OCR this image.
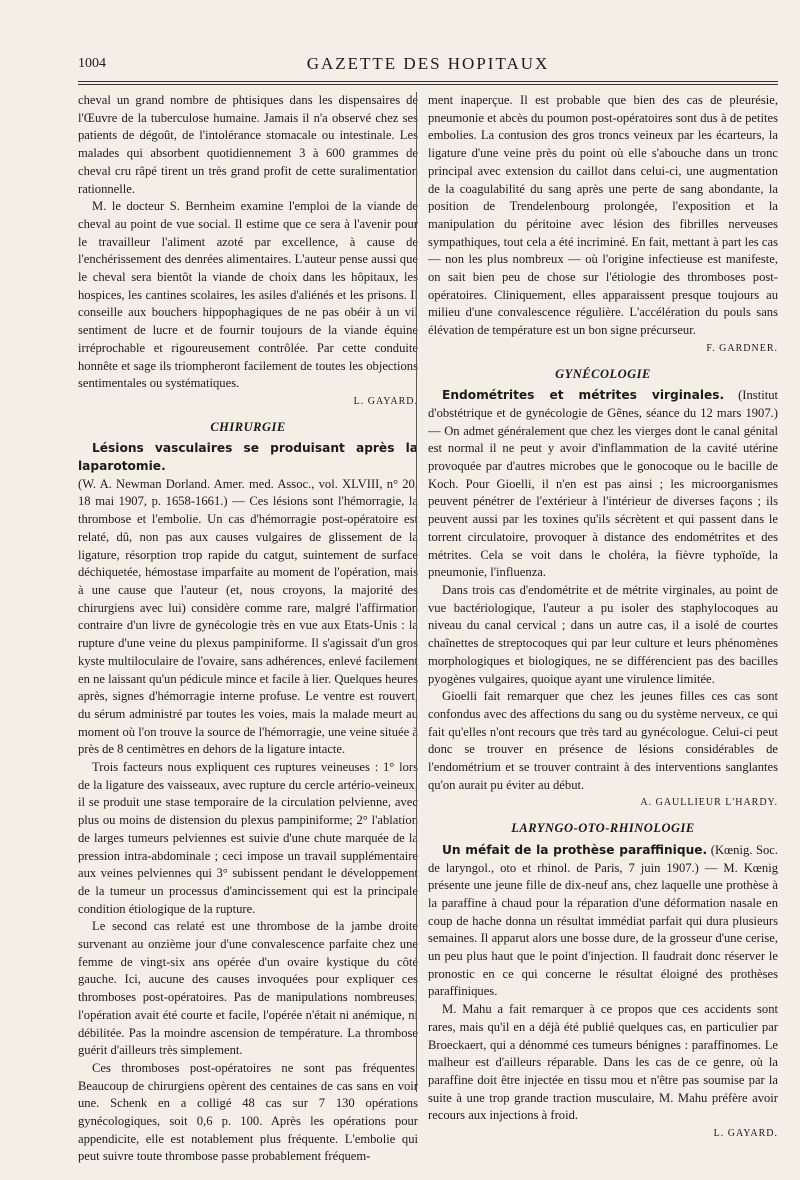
1004	GAZETTE DES HOPITAUX

cheval un grand nombre de phtisiques dans les dispensaires de l'Œuvre de la tuberculose humaine. Jamais il n'a observé chez ses patients de dégoût, de l'intolérance stomacale ou intestinale. Les malades qui absorbent quotidiennement 3 à 600 grammes de cheval cru râpé tirent un très grand profit de cette suralimentation rationnelle.

M. le docteur S. Bernheim examine l'emploi de la viande de cheval au point de vue social. Il estime que ce sera à l'avenir pour le travailleur l'aliment azoté par excellence, à cause de l'enchérissement des denrées alimentaires. L'auteur pense aussi que le cheval sera bientôt la viande de choix dans les hôpitaux, les hospices, les cantines scolaires, les asiles d'aliénés et les prisons. Il conseille aux bouchers hippophagiques de ne pas obéir à un vil sentiment de lucre et de fournir toujours de la viande équine irréprochable et rigoureusement contrôlée. Par cette conduite honnête et sage ils triompheront facilement de toutes les objections sentimentales ou systématiques.

L. GAYARD.
CHIRURGIE

Lésions vasculaires se produisant après la laparotomie.

(W. A. Newman Dorland. Amer. med. Assoc., vol. XLVIII, n° 20, 18 mai 1907, p. 1658-1661.) — Ces lésions sont l'hémorragie, la thrombose et l'embolie. Un cas d'hémorragie post-opératoire est relaté, dû, non pas aux causes vulgaires de glissement de la ligature, résorption trop rapide du catgut, suintement de surface déchiquetée, hémostase imparfaite au moment de l'opération, mais à une cause que l'auteur (et, nous croyons, la majorité des chirurgiens avec lui) considère comme rare, malgré l'affirmation contraire d'un livre de gynécologie très en vue aux Etats-Unis : la rupture d'une veine du plexus pampiniforme. Il s'agissait d'un gros kyste multiloculaire de l'ovaire, sans adhérences, enlevé facilement en ne laissant qu'un pédicule mince et facile à lier. Quelques heures après, signes d'hémorragie interne profuse. Le ventre est rouvert, du sérum administré par toutes les voies, mais la malade meurt au moment où l'on trouve la source de l'hémorragie, une veine située à près de 8 centimètres en dehors de la ligature intacte.

Trois facteurs nous expliquent ces ruptures veineuses : 1° lors de la ligature des vaisseaux, avec rupture du cercle artério-veineux, il se produit une stase temporaire de la circulation pelvienne, avec plus ou moins de distension du plexus pampiniforme; 2° l'ablation de larges tumeurs pelviennes est suivie d'une chute marquée de la pression intra-abdominale ; ceci impose un travail supplémentaire aux veines pelviennes qui 3° subissent pendant le développement de la tumeur un processus d'amincissement qui est la principale condition étiologique de la rupture.

Le second cas relaté est une thrombose de la jambe droite survenant au onzième jour d'une convalescence parfaite chez une femme de vingt-six ans opérée d'un ovaire kystique du côté gauche. Ici, aucune des causes invoquées pour expliquer ces thromboses post-opératoires. Pas de manipulations nombreuses; l'opération avait été courte et facile, l'opérée n'était ni anémique, ni débilitée. Pas la moindre ascension de température. La thrombose guérit d'ailleurs très simplement.

Ces thromboses post-opératoires ne sont pas fréquentes. Beaucoup de chirurgiens opèrent des centaines de cas sans en voir une. Schenk en a colligé 48 cas sur 7 130 opérations gynécologiques, soit 0,6 p. 100. Après les opérations pour appendicite, elle est notablement plus fréquente. L'embolie qui peut suivre toute thrombose passe probablement fréquem-

ment inaperçue. Il est probable que bien des cas de pleurésie, pneumonie et abcès du poumon post-opératoires sont dus à de petites embolies. La contusion des gros troncs veineux par les écarteurs, la ligature d'une veine près du point où elle s'abouche dans un tronc principal avec extension du caillot dans celui-ci, une augmentation de la coagulabilité du sang après une perte de sang abondante, la position de Trendelenbourg prolongée, l'exposition et la manipulation du péritoine avec lésion des fibrilles nerveuses sympathiques, tout cela a été incriminé. En fait, mettant à part les cas — non les plus nombreux — où l'origine infectieuse est manifeste, on sait bien peu de chose sur l'étiologie des thromboses post-opératoires. Cliniquement, elles apparaissent presque toujours au milieu d'une convalescence régulière. L'accélération du pouls sans élévation de température est un bon signe précurseur.

F. GARDNER.
GYNÉCOLOGIE

Endométrites et métrites virginales. (Institut d'obstétrique et de gynécologie de Gênes, séance du 12 mars 1907.) — On admet généralement que chez les vierges dont le canal génital est normal il ne peut y avoir d'inflammation de la cavité utérine provoquée par d'autres microbes que le gonocoque ou le bacille de Koch. Pour Gioelli, il n'en est pas ainsi ; les microorganismes peuvent pénétrer de l'extérieur à l'intérieur de diverses façons ; ils peuvent aussi par les toxines qu'ils sécrètent et qui passent dans le torrent circulatoire, provoquer à distance des endométrites et des métrites. Cela se voit dans le choléra, la fièvre typhoïde, la pneumonie, l'influenza.

Dans trois cas d'endométrite et de métrite virginales, au point de vue bactériologique, l'auteur a pu isoler des staphylocoques au niveau du canal cervical ; dans un autre cas, il a isolé de courtes chaînettes de streptocoques qui par leur culture et leurs phénomènes morphologiques et biologiques, ne se différencient pas des bacilles pyogènes vulgaires, quoique ayant une virulence limitée.

Gioelli fait remarquer que chez les jeunes filles ces cas sont confondus avec des affections du sang ou du système nerveux, ce qui fait qu'elles n'ont recours que très tard au gynécologue. Celui-ci peut donc se trouver en présence de lésions considérables de l'endométrium et se trouver contraint à des interventions sanglantes qu'on aurait pu éviter au début.

A. GAULLIEUR L'HARDY.
LARYNGO-OTO-RHINOLOGIE

Un méfait de la prothèse paraffinique. (Kœnig. Soc. de laryngol., oto et rhinol. de Paris, 7 juin 1907.) — M. Kœnig présente une jeune fille de dix-neuf ans, chez laquelle une prothèse à la paraffine à chaud pour la réparation d'une déformation nasale en coup de hache donna un résultat immédiat parfait qui dura plusieurs semaines. Il apparut alors une bosse dure, de la grosseur d'une cerise, un peu plus haut que le point d'injection. Il faudrait donc réserver le pronostic en ce qui concerne le résultat éloigné des prothèses paraffiniques.

M. Mahu a fait remarquer à ce propos que ces accidents sont rares, mais qu'il en a déjà été publié quelques cas, en particulier par Broeckaert, qui a dénommé ces tumeurs bénignes : paraffinomes. Le malheur est d'ailleurs réparable. Dans les cas de ce genre, où la paraffine doit être injectée en tissu mou et n'être pas soumise par la suite à une trop grande traction musculaire, M. Mahu préfère avoir recours aux injections à froid.

L. GAYARD.
